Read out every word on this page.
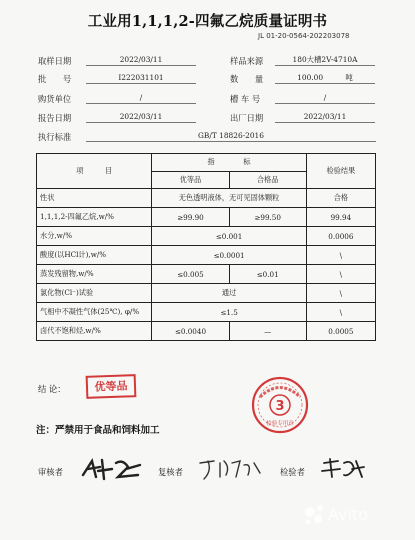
工业用1,1,1,2-四氟乙烷质量证明书
JL 01-20-0564-202203078
取样日期	2022/03/11	样品来源	180大槽2V-4710A
批　　号	I222031101	数　　量	100.00	吨
购货单位	/	槽 车 号	/
报告日期	2022/03/11	出厂日期	2022/03/11
执行标准	GB/T 18826-2016
项　　　目	指　　　　标		检验结果
	优等品	合格品	
性状	无色透明液体，无可见固体颗粒		合格
1,1,1,2-四氟乙烷,w/%	≥99.90	≥99.50	99.94
水分,w/%	≤0.001		0.0006
酸度(以HCl计),w/%	≤0.0001		\
蒸发残留物,w/%	≤0.005	≤0.01	\
氯化物(Cl⁻)试验	通过		\
气相中不凝性气体(25℃), φ/%	≤1.5		\
卤代不饱和烃,w/%	≤0.0040	—	0.0005
结 论：	优等品
3
检验专用章
注：严禁用于食品和饲料加工
审核者	复核者	检验者
Avito
